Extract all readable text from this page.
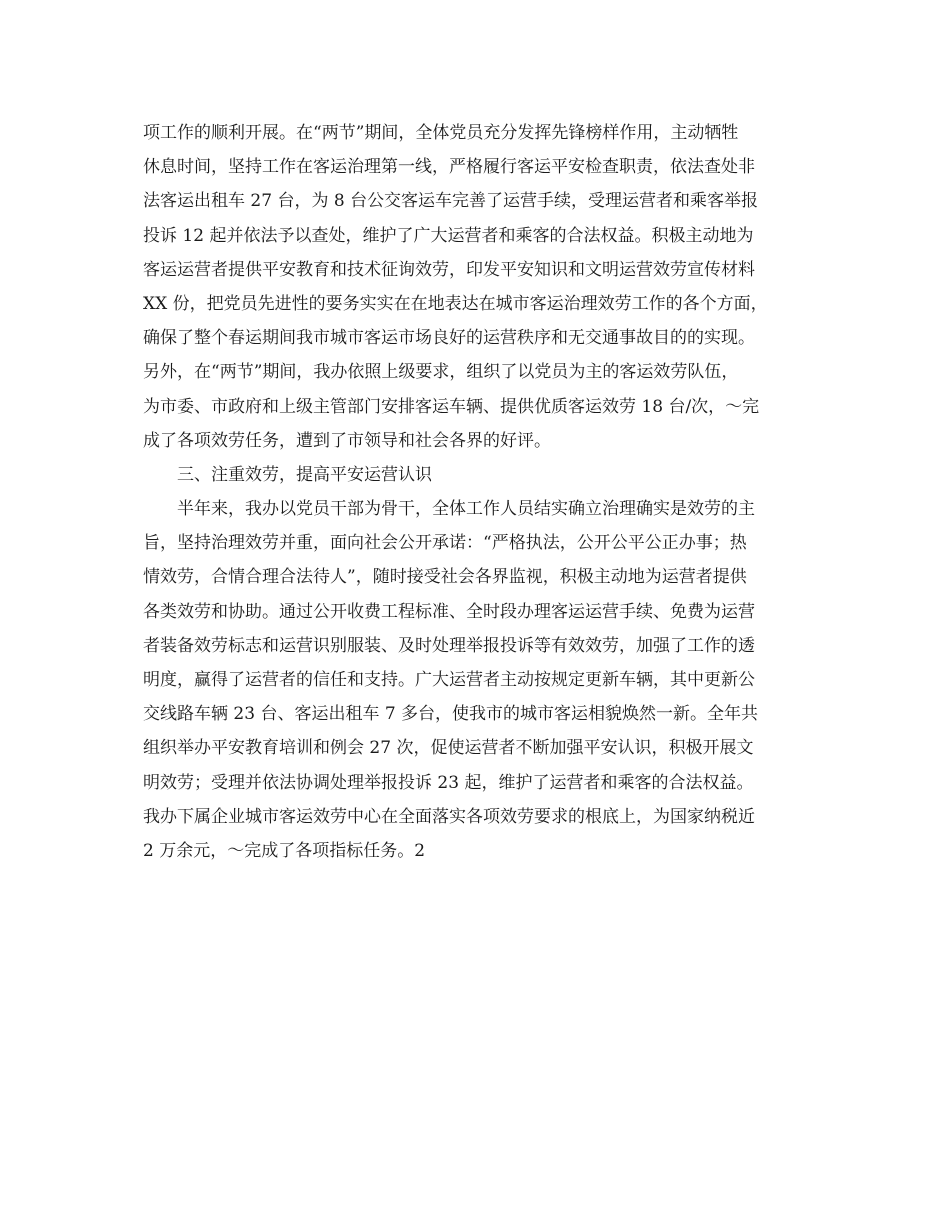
项工作的顺利开展。在“两节”期间，全体党员充分发挥先锋榜样作用，主动牺牲
休息时间，坚持工作在客运治理第一线，严格履行客运平安检查职责，依法查处非
法客运出租车 27 台，为 8 台公交客运车完善了运营手续，受理运营者和乘客举报
投诉 12 起并依法予以查处，维护了广大运营者和乘客的合法权益。积极主动地为
客运运营者提供平安教育和技术征询效劳，印发平安知识和文明运营效劳宣传材料
XX 份，把党员先进性的要务实实在在地表达在城市客运治理效劳工作的各个方面，
确保了整个春运期间我市城市客运市场良好的运营秩序和无交通事故目的的实现。
另外，在“两节”期间，我办依照上级要求，组织了以党员为主的客运效劳队伍，
为市委、市政府和上级主管部门安排客运车辆、提供优质客运效劳 18 台/次，～完
成了各项效劳任务，遭到了市领导和社会各界的好评。
三、注重效劳，提高平安运营认识
半年来，我办以党员干部为骨干，全体工作人员结实确立治理确实是效劳的主
旨，坚持治理效劳并重，面向社会公开承诺：“严格执法，公开公平公正办事；热
情效劳，合情合理合法待人”，随时接受社会各界监视，积极主动地为运营者提供
各类效劳和协助。通过公开收费工程标准、全时段办理客运运营手续、免费为运营
者装备效劳标志和运营识别服装、及时处理举报投诉等有效效劳，加强了工作的透
明度，赢得了运营者的信任和支持。广大运营者主动按规定更新车辆，其中更新公
交线路车辆 23 台、客运出租车 7 多台，使我市的城市客运相貌焕然一新。全年共
组织举办平安教育培训和例会 27 次，促使运营者不断加强平安认识，积极开展文
明效劳；受理并依法协调处理举报投诉 23 起，维护了运营者和乘客的合法权益。
我办下属企业城市客运效劳中心在全面落实各项效劳要求的根底上，为国家纳税近
2 万余元，～完成了各项指标任务。2
